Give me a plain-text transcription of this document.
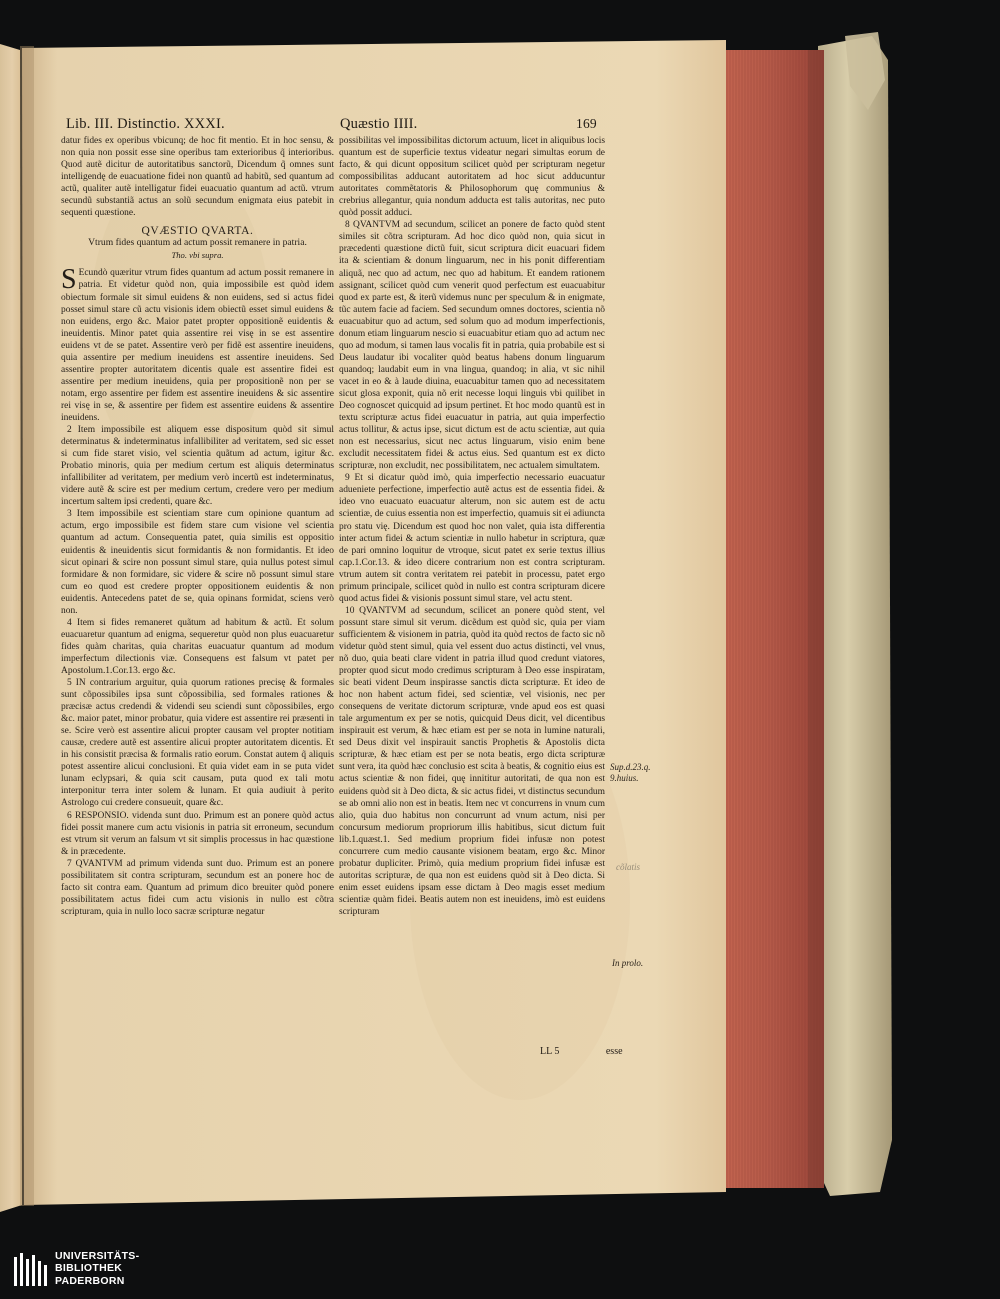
Lib. III. Distinctio. XXXI.	Quæstio IIII.	169

datur fides ex operibus vbicunq; de hoc fit mentio. Et in hoc sensu, & non quia non possit esse sine operibus tam exterioribus q̃ interioribus. Quod autẽ dicitur de autoritatibus sanctorũ, Dicendum q̃ omnes sunt intelligendę de euacuatione fidei non quantũ ad habitũ, sed quantum ad actũ, qualiter autẽ intelligatur fidei euacuatio quantum ad actũ. vtrum secundũ substantiã actus an solũ secundum enigmata eius patebit in sequenti quæstione.

QVÆSTIO QVARTA.
Vtrum fides quantum ad actum possit remanere in patria.
Tho. vbi supra.

S Ecundò quæritur vtrum fides quantum ad actum possit remanere in patria. Et videtur quòd non, quia impossibile est quòd idem obiectum formale sit simul euidens & non euidens, sed si actus fidei posset simul stare cũ actu visionis idem obiectũ esset simul euidens & non euidens, ergo &c. Maior patet propter oppositionẽ euidentis & ineuidentis. Minor patet quia assentire rei visę in se est assentire euidens vt de se patet. Assentire verò per fidẽ est assentire ineuidens, quia assentire per medium ineuidens est assentire ineuidens. Sed assentire propter autoritatem dicentis quale est assentire fidei est assentire per medium ineuidens, quia per propositionẽ non per se notam, ergo assentire per fidem est assentire ineuidens & sic assentire rei visę in se, & assentire per fidem est assentire euidens & assentire ineuidens.

2 Item impossibile est aliquem esse dispositum quòd sit simul determinatus & indeterminatus infallibiliter ad veritatem, sed sic esset si cum fide staret visio, vel scientia quãtum ad actum, igitur &c. Probatio minoris, quia per medium certum est aliquis determinatus infallibiliter ad veritatem, per medium verò incertũ est indeterminatus, videre autẽ & scire est per medium certum, credere vero per medium incertum saltem ipsi credenti, quare &c.

3 Item impossibile est scientiam stare cum opinione quantum ad actum, ergo impossibile est fidem stare cum visione vel scientia quantum ad actum. Consequentia patet, quia similis est oppositio euidentis & ineuidentis sicut formidantis & non formidantis. Et ideo sicut opinari & scire non possunt simul stare, quia nullus potest simul formidare & non formidare, sic videre & scire nõ possunt simul stare cum eo quod est credere propter oppositionem euidentis & non euidentis. Antecedens patet de se, quia opinans formidat, sciens verò non.

4 Item si fides remaneret quãtum ad habitum & actũ. Et solum euacuaretur quantum ad enigma, sequeretur quòd non plus euacuaretur fides quàm charitas, quia charitas euacuatur quantum ad modum imperfectum dilectionis viæ. Consequens est falsum vt patet per Apostolum.1.Cor.13. ergo &c.

5 IN contrarium arguitur, quia quorum rationes precisę & formales sunt cõpossibiles ipsa sunt cõpossibilia, sed formales rationes & præcisæ actus credendi & videndi seu sciendi sunt cõpossibiles, ergo &c. maior patet, minor probatur, quia videre est assentire rei præsenti in se. Scire verò est assentire alicui propter causam vel propter notitiam causæ, credere autẽ est assentire alicui propter autoritatem dicentis. Et in his consistit præcisa & formalis ratio eorum. Constat autem q̃ aliquis potest assentire alicui conclusioni. Et quia videt eam in se puta videt lunam eclypsari, & quia scit causam, puta quod ex tali motu interponitur terra inter solem & lunam. Et quia audiuit à perito Astrologo cui credere consueuit, quare &c.

6 RESPONSIO. videnda sunt duo. Primum est an ponere quòd actus fidei possit manere cum actu visionis in patria sit erroneum, secundum est vtrum sit verum an falsum vt sit simplis processus in hac quæstione & in præcedente.

7 QVANTVM ad primum videnda sunt duo. Primum est an ponere possibilitatem sit contra scripturam, secundum est an ponere hoc de facto sit contra eam. Quantum ad primum dico breuiter quòd ponere possibilitatem actus fidei cum actu visionis in nullo est cõtra scripturam, quia in nullo loco sacræ scripturæ negatur

possibilitas vel impossibilitas dictorum actuum, licet in aliquibus locis quantum est de superficie textus videatur negari simultas eorum de facto, & qui dicunt oppositum scilicet quòd per scripturam negetur compossibilitas adducant autoritatem ad hoc sicut adducuntur autoritates commẽtatoris & Philosophorum quę communius & crebrius allegantur, quia nondum adducta est talis autoritas, nec puto quòd possit adduci.

8 QVANTVM ad secundum, scilicet an ponere de facto quòd stent similes sit cõtra scripturam. Ad hoc dico quòd non, quia sicut in præcedenti quæstione dictũ fuit, sicut scriptura dicit euacuari fidem ita & scientiam & donum linguarum, nec in his ponit differentiam aliquã, nec quo ad actum, nec quo ad habitum. Et eandem rationem assignant, scilicet quòd cum venerit quod perfectum est euacuabitur quod ex parte est, & iterũ videmus nunc per speculum & in enigmate, tũc autem facie ad faciem. Sed secundum omnes doctores, scientia nõ euacuabitur quo ad actum, sed solum quo ad modum imperfectionis, donum etiam linguarum nescio si euacuabitur etiam quo ad actum nec quo ad modum, si tamen laus vocalis fit in patria, quia probabile est si Deus laudatur ibi vocaliter quòd beatus habens donum linguarum quandoq; laudabit eum in vna lingua, quandoq; in alia, vt sic nihil vacet in eo & à laude diuina, euacuabitur tamen quo ad necessitatem sicut glosa exponit, quia nõ erit necesse loqui linguis vbi quilibet in Deo cognoscet quicquid ad ipsum pertinet. Et hoc modo quantũ est in textu scripturæ actus fidei euacuatur in patria, aut quia imperfectio actus tollitur, & actus ipse, sicut dictum est de actu scientiæ, aut quia non est necessarius, sicut nec actus linguarum, visio enim bene excludit necessitatem fidei & actus eius. Sed quantum est ex dicto scripturæ, non excludit, nec possibilitatem, nec actualem simultatem.

9 Et si dicatur quòd imò, quia imperfectio necessario euacuatur adueniete perfectione, imperfectio autẽ actus est de essentia fidei. & ideo vno euacuato euacuatur alterum, non sic autem est de actu scientiæ, de cuius essentia non est imperfectio, quamuis sit ei adiuncta pro statu vię. Dicendum est quod hoc non valet, quia ista differentia inter actum fidei & actum scientiæ in nullo habetur in scriptura, quæ de pari omnino loquitur de vtroque, sicut patet ex serie textus illius cap.1.Cor.13. & ideo dicere contrarium non est contra scripturam. vtrum autem sit contra veritatem rei patebit in processu, patet ergo primum principale, scilicet quòd in nullo est contra scripturam dicere quod actus fidei & visionis possunt simul stare, vel actu stent.

10 QVANTVM ad secundum, scilicet an ponere quòd stent, vel possunt stare simul sit verum. dicẽdum est quòd sic, quia per viam sufficientem & visionem in patria, quòd ita quòd rectos de facto sic nõ videtur quòd stent simul, quia vel essent duo actus distincti, vel vnus, nõ duo, quia beati clare vident in patria illud quod credunt viatores, propter quod sicut modo credimus scripturam à Deo esse inspiratam, sic beati vident Deum inspirasse sanctis dicta scripturæ. Et ideo de hoc non habent actum fidei, sed scientiæ, vel visionis, nec per consequens de veritate dictorum scripturæ, vnde apud eos est quasi tale argumentum ex per se notis, quicquid Deus dicit, vel dicentibus inspirauit est verum, & hæc etiam est per se nota in lumine naturali, sed Deus dixit vel inspirauit sanctis Prophetis & Apostolis dicta scripturæ, & hæc etiam est per se nota beatis, ergo dicta scripturæ sunt vera, ita quòd hæc conclusio est scita à beatis, & cognitio eius est actus scientiæ & non fidei, quę innititur autoritati, de qua non est euidens quòd sit à Deo dicta, & sic actus fidei, vt distinctus secundum se ab omni alio non est in beatis. Item nec vt concurrens in vnum cum alio, quia duo habitus non concurrunt ad vnum actum, nisi per concursum mediorum propriorum illis habitibus, sicut dictum fuit lib.1.quæst.1. Sed medium proprium fidei infusæ non potest concurrere cum medio causante visionem beatam, ergo &c. Minor probatur dupliciter. Primò, quia medium proprium fidei infusæ est autoritas scripturæ, de qua non est euidens quòd sit à Deo dicta. Si enim esset euidens ipsam esse dictam à Deo magis esset medium scientiæ quàm fidei. Beatis autem non est ineuidens, imò est euidens scripturam

LL 5	esse
Sup.d.23.q. 9.huius.
cõlatis
In prolo.
UNIVERSITÄTS-
BIBLIOTHEK
PADERBORN
